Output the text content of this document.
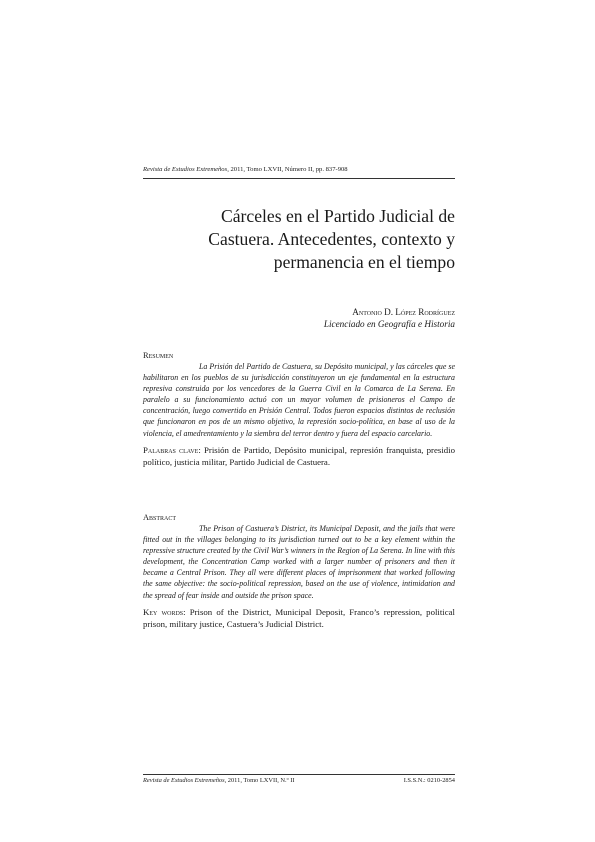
Revista de Estudios Extremeños, 2011, Tomo LXVII, Número II, pp. 837-908
Cárceles en el Partido Judicial de
Castuera. Antecedentes, contexto y
permanencia en el tiempo
Antonio D. López Rodríguez
Licenciado en Geografía e Historia
Resumen

La Prisión del Partido de Castuera, su Depósito municipal, y las cárceles que se habilitaron en los pueblos de su jurisdicción constituyeron un eje fundamental en la estructura represiva construida por los vencedores de la Guerra Civil en la Comarca de La Serena. En paralelo a su funcionamiento actuó con un mayor volumen de prisioneros el Campo de concentración, luego convertido en Prisión Central. Todos fueron espacios distintos de reclusión que funcionaron en pos de un mismo objetivo, la represión socio-política, en base al uso de la violencia, el amedrentamiento y la siembra del terror dentro y fuera del espacio carcelario.

Palabras clave: Prisión de Partido, Depósito municipal, represión franquista, presidio político, justicia militar, Partido Judicial de Castuera.

Abstract

The Prison of Castuera’s District, its Municipal Deposit, and the jails that were fitted out in the villages belonging to its jurisdiction turned out to be a key element within the repressive structure created by the Civil War’s winners in the Region of La Serena. In line with this development, the Concentration Camp worked with a larger number of prisoners and then it became a Central Prison. They all were different places of imprisonment that worked following the same objective: the socio-political repression, based on the use of violence, intimidation and the spread of fear inside and outside the prison space.

Key words: Prison of the District, Municipal Deposit, Franco’s repression, political prison, military justice, Castuera’s Judicial District.

Revista de Estudios Extremeños, 2011, Tomo LXVII, N.º II	I.S.S.N.: 0210-2854
